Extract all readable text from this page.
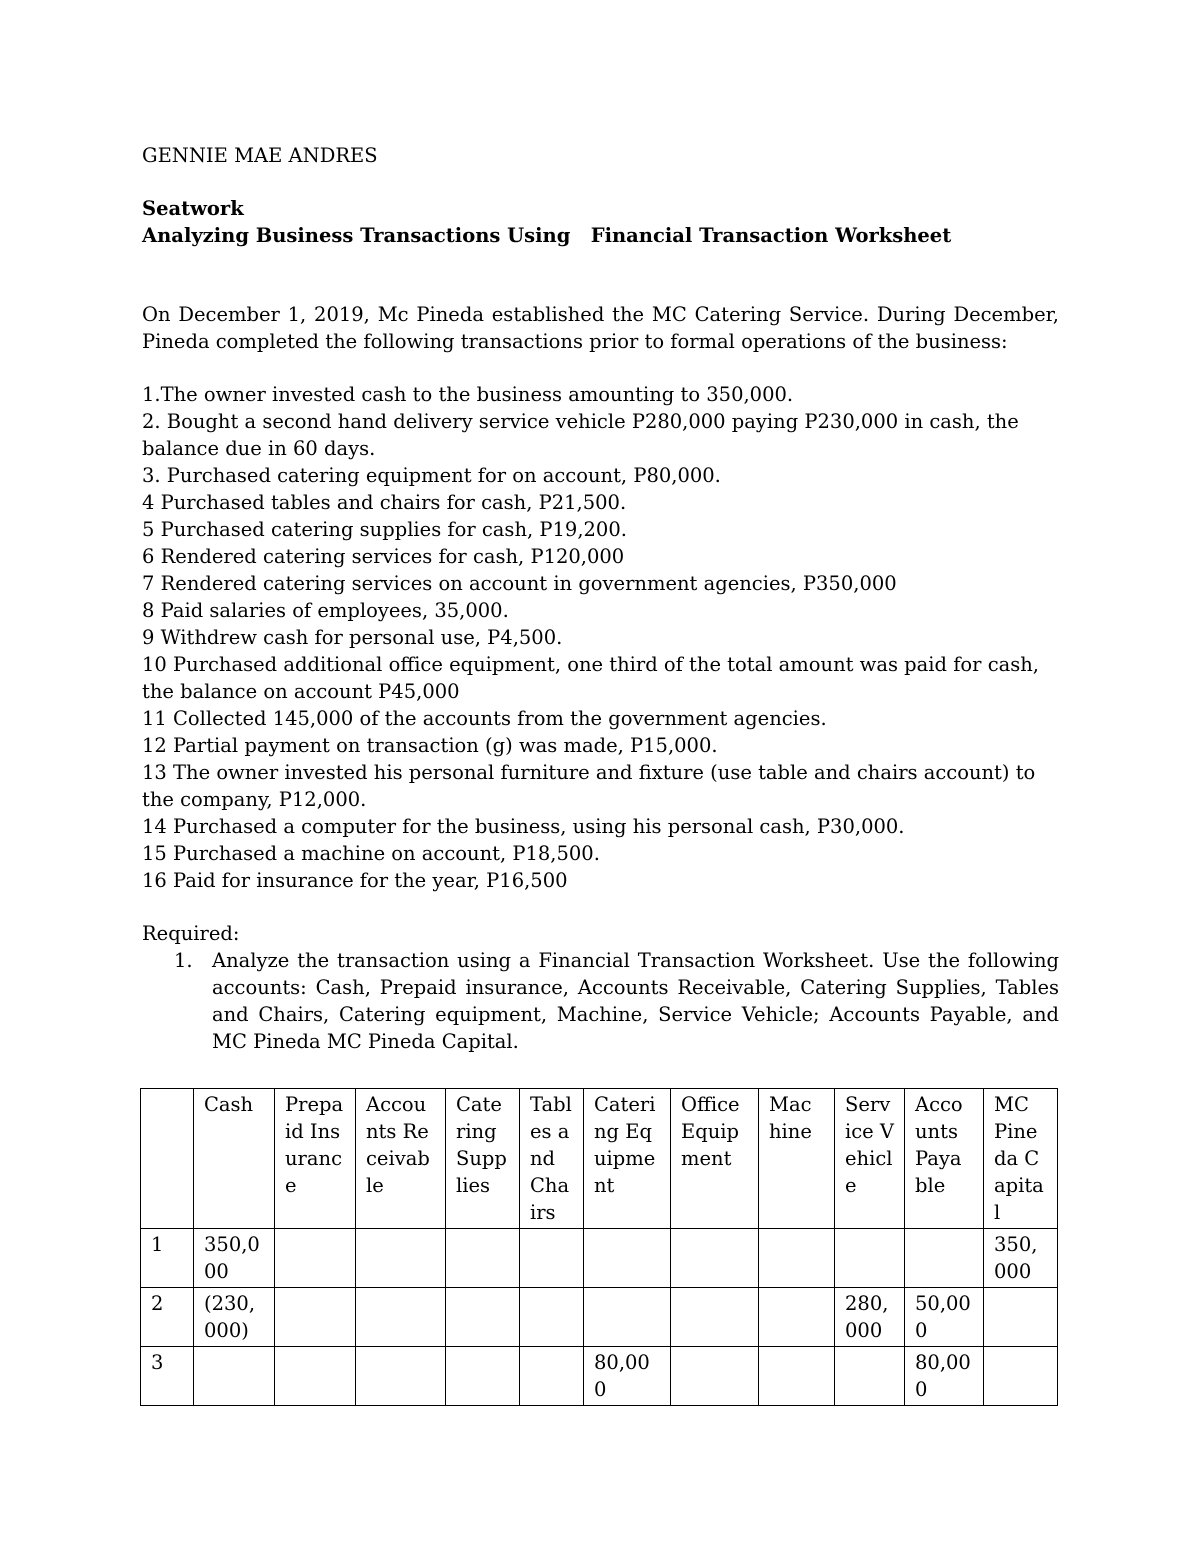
GENNIE MAE ANDRES
Seatwork
Analyzing Business Transactions Using   Financial Transaction Worksheet
On December 1, 2019, Mc Pineda established the MC Catering Service. During December, Pineda completed the following transactions prior to formal operations of the business:
1.The owner invested cash to the business amounting to 350,000.
2. Bought a second hand delivery service vehicle P280,000 paying P230,000 in cash, the balance due in 60 days.
3. Purchased catering equipment for on account, P80,000.
4 Purchased tables and chairs for cash, P21,500.
5 Purchased catering supplies for cash, P19,200.
6 Rendered catering services for cash, P120,000
7 Rendered catering services on account in government agencies, P350,000
8 Paid salaries of employees, 35,000.
9 Withdrew cash for personal use, P4,500.
10 Purchased additional office equipment, one third of the total amount was paid for cash, the balance on account P45,000
11 Collected 145,000 of the accounts from the government agencies.
12 Partial payment on transaction (g) was made, P15,000.
13 The owner invested his personal furniture and fixture (use table and chairs account) to the company, P12,000.
14 Purchased a computer for the business, using his personal cash, P30,000.
15 Purchased a machine on account, P18,500.
16 Paid for insurance for the year, P16,500
Required:
1. Analyze the transaction using a Financial Transaction Worksheet. Use the following accounts: Cash, Prepaid insurance, Accounts Receivable, Catering Supplies, Tables and Chairs, Catering equipment, Machine, Service Vehicle; Accounts Payable, and MC Pineda MC Pineda Capital.
	Cash	Prepaid Insurance	Accounts Receivable	Catering Supplies	Tables and Chairs	Catering Equipment	Office Equipment	Machine	Service Vehicle	Accounts Payable	MC Pineda Capital
1	350,000										350,000
2	(230,000)								280,000	50,000	
3						80,000				80,000	
